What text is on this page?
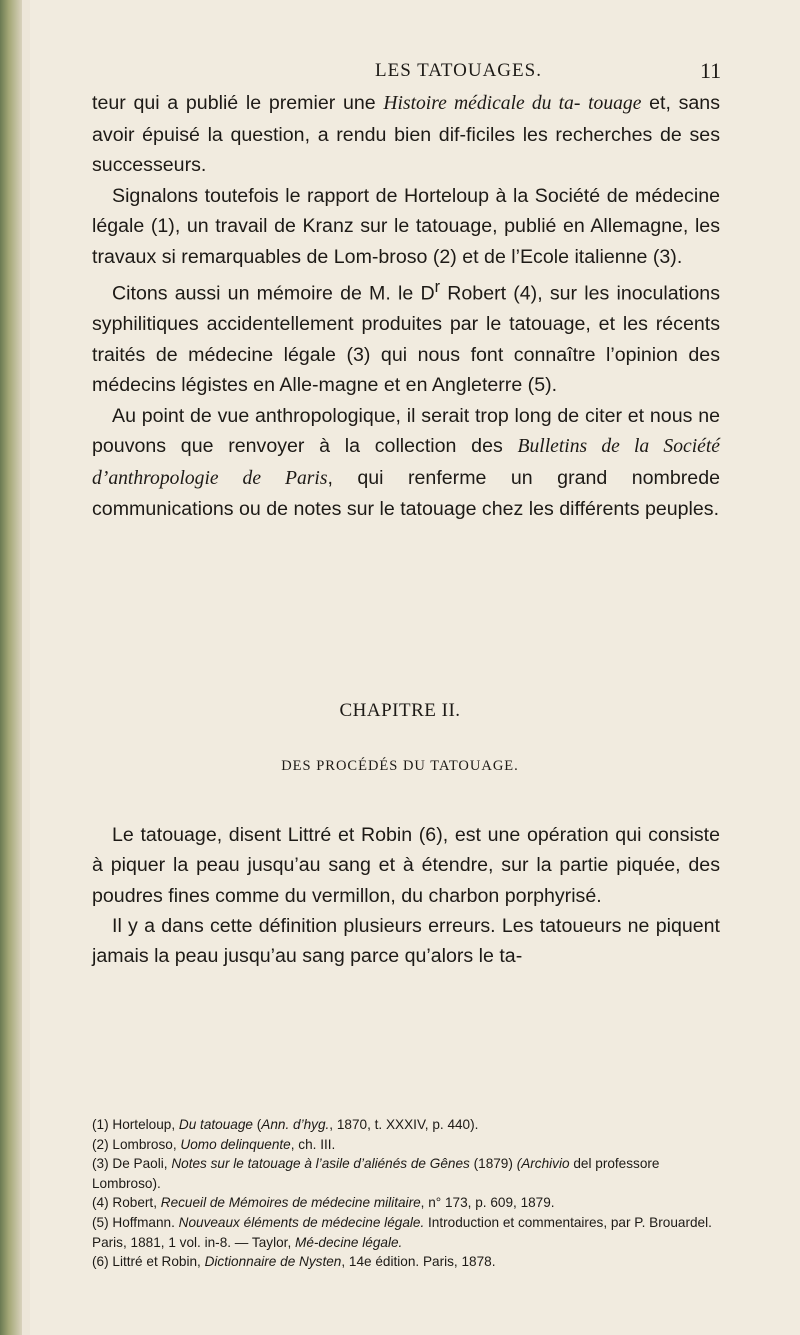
LES TATOUAGES.	11

teur qui a publié le premier une Histoire médicale du ta- touage et, sans avoir épuisé la question, a rendu bien dif-ficiles les recherches de ses successeurs.

Signalons toutefois le rapport de Horteloup à la Société de médecine légale (1), un travail de Kranz sur le tatouage, publié en Allemagne, les travaux si remarquables de Lom-broso (2) et de l’Ecole italienne (3).

Citons aussi un mémoire de M. le $D^r$ Robert (4), sur les inoculations syphilitiques accidentellement produites par le tatouage, et les récents traités de médecine légale (3) qui nous font connaître l’opinion des médecins légistes en Alle-magne et en Angleterre (5).

Au point de vue anthropologique, il serait trop long de citer et nous ne pouvons que renvoyer à la collection des Bulletins de la Société d’anthropologie de Paris, qui renferme un grand nombrede communications ou de notes sur le tatouage chez les différents peuples.

CHAPITRE II.
DES PROCÉDÉS DU TATOUAGE.

Le tatouage, disent Littré et Robin (6), est une opération qui consiste à piquer la peau jusqu’au sang et à étendre, sur la partie piquée, des poudres fines comme du vermillon, du charbon porphyrisé.

Il y a dans cette définition plusieurs erreurs. Les tatoueurs ne piquent jamais la peau jusqu’au sang parce qu’alors le ta-

(1) Horteloup, Du tatouage (Ann. d’hyg., 1870, t. XXXIV, p. 440).
(2) Lombroso, Uomo delinquente, ch. III.
(3) De Paoli, Notes sur le tatouage à l’asile d’aliénés de Gênes (1879) (Archivio del professore Lombroso).
(4) Robert, Recueil de Mémoires de médecine militaire, n° 173, p. 609, 1879.
(5) Hoffmann. Nouveaux éléments de médecine légale. Introduction et commentaires, par P. Brouardel. Paris, 1881, 1 vol. in-8. — Taylor, Mé-decine légale.
(6) Littré et Robin, Dictionnaire de Nysten, 14e édition. Paris, 1878.
